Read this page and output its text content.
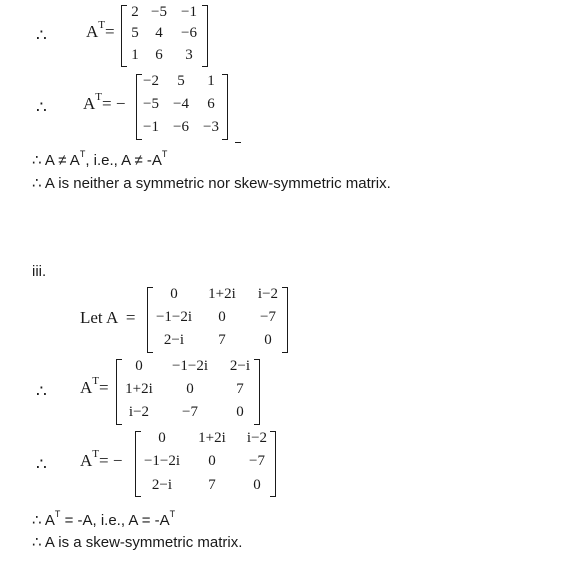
∴ $A^T=$
2 −5 −1
5	4	−6
1	6	3
∴ $A^T=$ −
−2	5	1
−5 −4	6
−1 −6 −3
∴ $A \ne A^T$, i.e., $A \ne -A^T$
∴ A is neither a symmetric nor skew-symmetric matrix.
iii.
Let A =
0	1+2i	i−2
−1−2i	0	−7
2−i	7	0
∴ $A^T=$
0	−1−2i	2−i
1+2i	0	7
i−2	−7	0
∴ $A^T=$ −
0	1+2i	i−2
−1−2i	0	−7
2−i	7	0
∴ $A^T = -A$, i.e., $A = -A^T$
∴ A is a skew-symmetric matrix.
